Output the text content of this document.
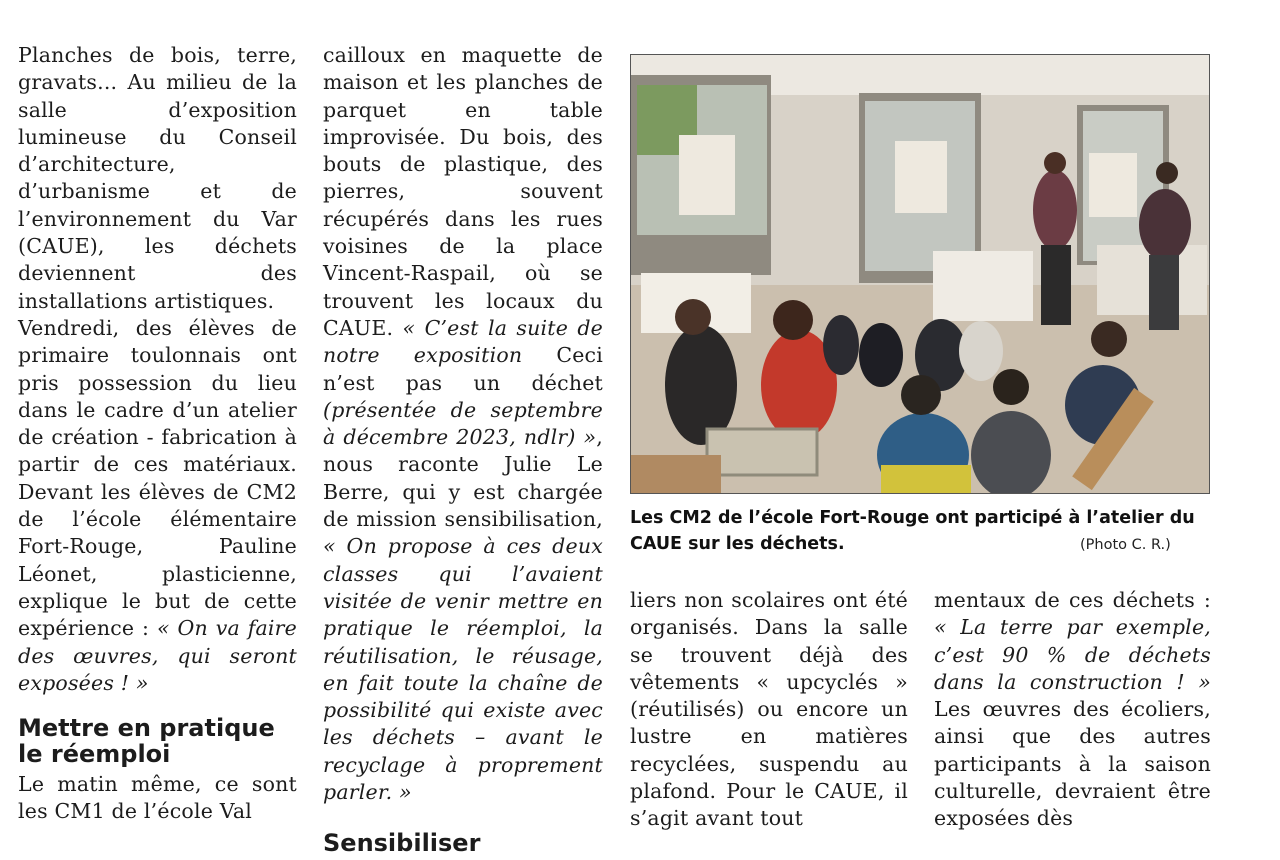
Planches de bois, terre, gravats... Au milieu de la salle d’exposition lumineuse du Conseil d’architecture, d’urbanisme et de l’environnement du Var (CAUE), les déchets deviennent des installations artistiques.

Vendredi, des élèves de primaire toulonnais ont pris possession du lieu dans le cadre d’un atelier de création - fabrication à partir de ces matériaux. Devant les élèves de CM2 de l’école élémentaire Fort-Rouge, Pauline Léonet, plasticienne, explique le but de cette expérience : « On va faire des œuvres, qui seront exposées ! »

Mettre en pratique le réemploi

Le matin même, ce sont les CM1 de l’école Val

cailloux en maquette de maison et les planches de parquet en table improvisée. Du bois, des bouts de plastique, des pierres, souvent récupérés dans les rues voisines de la place Vincent-Raspail, où se trouvent les locaux du CAUE. « C’est la suite de notre exposition Ceci n’est pas un déchet (présentée de septembre à décembre 2023, ndlr) », nous raconte Julie Le Berre, qui y est chargée de mission sensibilisation, « On propose à ces deux classes qui l’avaient visitée de venir mettre en pratique le réemploi, la réutilisation, le réusage, en fait toute la chaîne de possibilité qui existe avec les déchets – avant le recyclage à proprement parler. »

Sensibiliser
Les CM2 de l’école Fort-Rouge ont participé à l’atelier du CAUE sur les déchets.	(Photo C. R.)

liers non scolaires ont été organisés. Dans la salle se trouvent déjà des vêtements « upcyclés » (réutilisés) ou encore un lustre en matières recyclées, suspendu au plafond. Pour le CAUE, il s’agit avant tout

mentaux de ces déchets : « La terre par exemple, c’est 90 % de déchets dans la construction ! » Les œuvres des écoliers, ainsi que des autres participants à la saison culturelle, devraient être exposées dès
